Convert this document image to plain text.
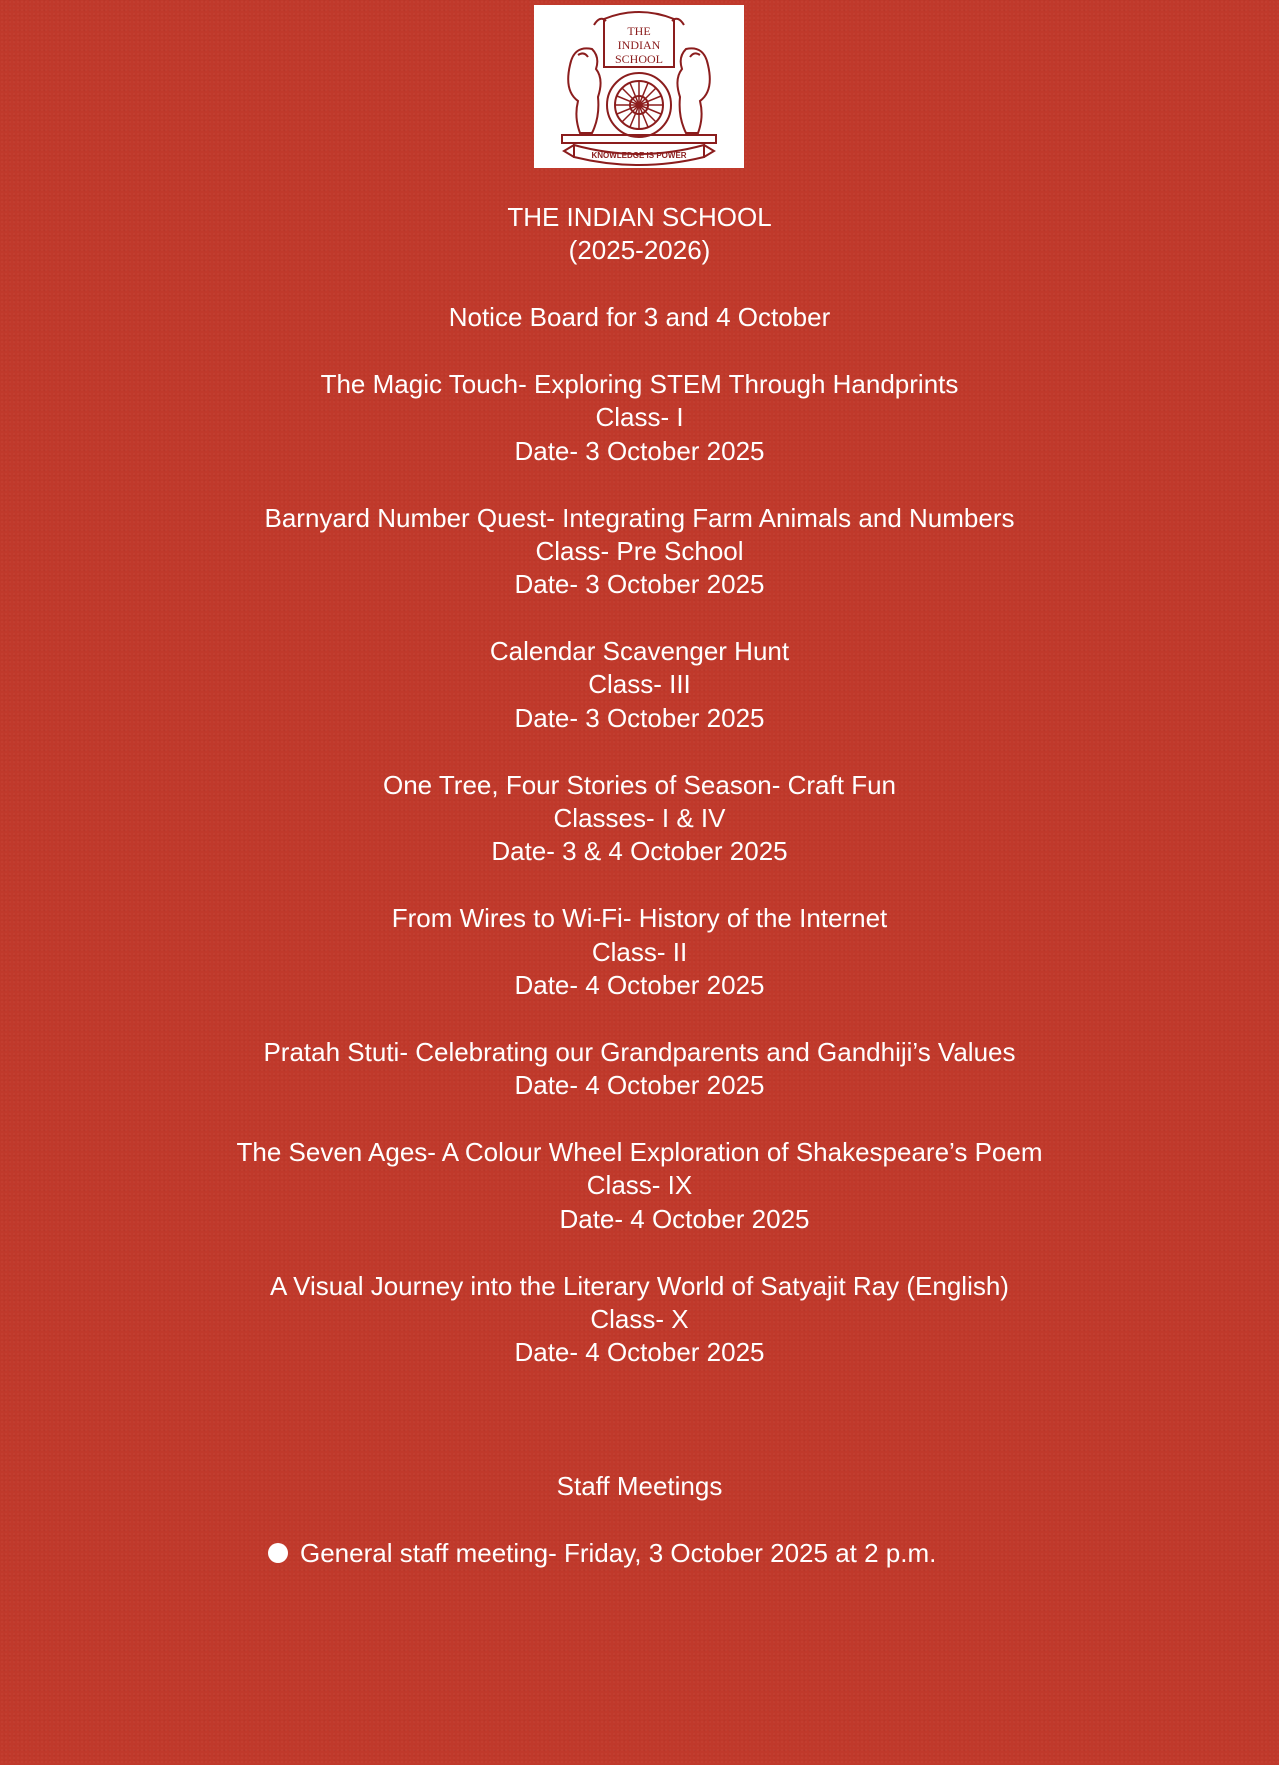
THE
INDIAN
SCHOOL
KNOWLEDGE IS POWER
THE INDIAN SCHOOL
(2025-2026)
Notice Board for 3 and 4 October
The Magic Touch- Exploring STEM Through Handprints
Class- I
Date- 3 October 2025
Barnyard Number Quest- Integrating Farm Animals and Numbers
Class- Pre School
Date- 3 October 2025
Calendar Scavenger Hunt
Class- III
Date- 3 October 2025
One Tree, Four Stories of Season- Craft Fun
Classes- I & IV
Date- 3 & 4 October 2025
From Wires to Wi-Fi- History of the Internet
Class- II
Date- 4 October 2025
Pratah Stuti- Celebrating our Grandparents and Gandhiji’s Values
Date- 4 October 2025
The Seven Ages- A Colour Wheel Exploration of Shakespeare’s Poem
Class- IX
Date- 4 October 2025
A Visual Journey into the Literary World of Satyajit Ray (English)
Class- X
Date- 4 October 2025
Staff Meetings
General staff meeting- Friday, 3 October 2025 at 2 p.m.
